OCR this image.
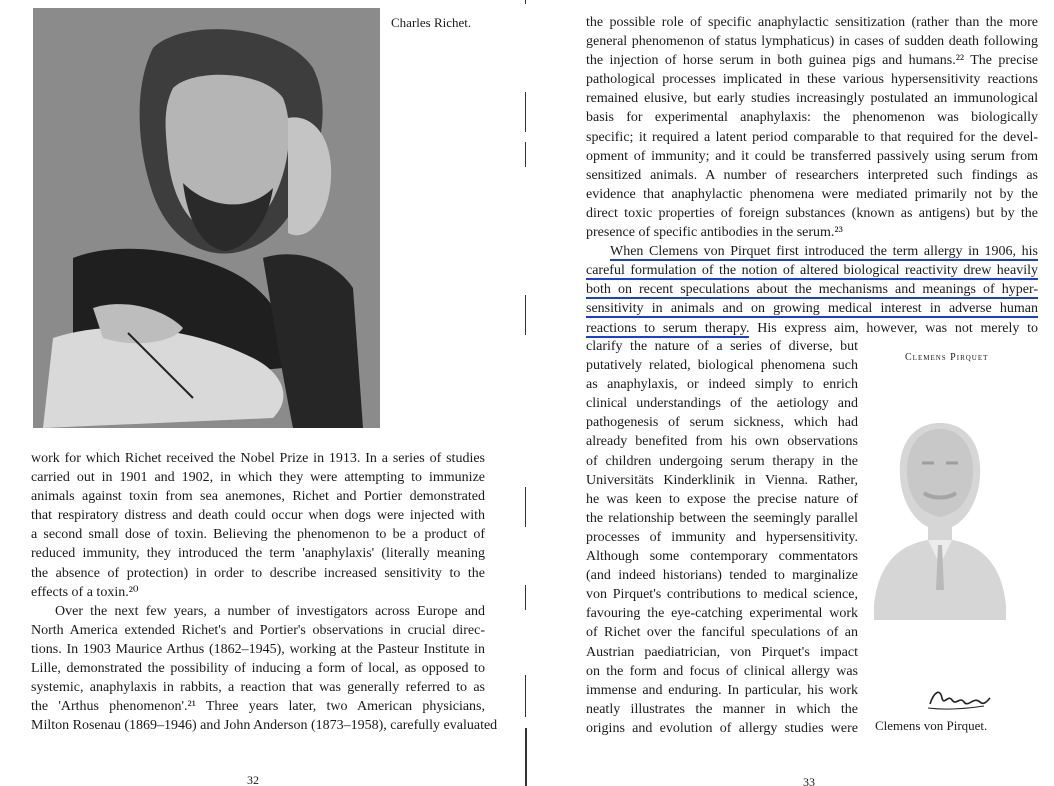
Charles Richet.
work for which Richet received the Nobel Prize in 1913. In a series of studies
carried out in 1901 and 1902, in which they were attempting to immunize
animals against toxin from sea anemones, Richet and Portier demonstrated
that respiratory distress and death could occur when dogs were injected with
a second small dose of toxin. Believing the phenomenon to be a product of
reduced immunity, they introduced the term 'anaphylaxis' (literally meaning
the absence of protection) in order to describe increased sensitivity to the
effects of a toxin.²⁰
Over the next few years, a number of investigators across Europe and
North America extended Richet's and Portier's observations in crucial direc-
tions. In 1903 Maurice Arthus (1862–1945), working at the Pasteur Institute in
Lille, demonstrated the possibility of inducing a form of local, as opposed to
systemic, anaphylaxis in rabbits, a reaction that was generally referred to as
the 'Arthus phenomenon'.²¹ Three years later, two American physicians,
Milton Rosenau (1869–1946) and John Anderson (1873–1958), carefully evaluated
32
the possible role of specific anaphylactic sensitization (rather than the more
general phenomenon of status lymphaticus) in cases of sudden death following
the injection of horse serum in both guinea pigs and humans.²² The precise
pathological processes implicated in these various hypersensitivity reactions
remained elusive, but early studies increasingly postulated an immunological
basis for experimental anaphylaxis: the phenomenon was biologically
specific; it required a latent period comparable to that required for the devel-
opment of immunity; and it could be transferred passively using serum from
sensitized animals. A number of researchers interpreted such findings as
evidence that anaphylactic phenomena were mediated primarily not by the
direct toxic properties of foreign substances (known as antigens) but by the
presence of specific antibodies in the serum.²³
When Clemens von Pirquet first introduced the term allergy in 1906, his
careful formulation of the notion of altered biological reactivity drew heavily
both on recent speculations about the mechanisms and meanings of hyper-
sensitivity in animals and on growing medical interest in adverse human
reactions to serum therapy. His express aim, however, was not merely to
clarify the nature of a series of diverse, but
putatively related, biological phenomena such
as anaphylaxis, or indeed simply to enrich
clinical understandings of the aetiology and
pathogenesis of serum sickness, which had
already benefited from his own observations
of children undergoing serum therapy in the
Universitäts Kinderklinik in Vienna. Rather,
he was keen to expose the precise nature of
the relationship between the seemingly parallel
processes of immunity and hypersensitivity.
Although some contemporary commentators
(and indeed historians) tended to marginalize
von Pirquet's contributions to medical science,
favouring the eye-catching experimental work
of Richet over the fanciful speculations of an
Austrian paediatrician, von Pirquet's impact
on the form and focus of clinical allergy was
immense and enduring. In particular, his work
neatly illustrates the manner in which the
origins and evolution of allergy studies were
Clemens Pirquet
Clemens von Pirquet.
33
